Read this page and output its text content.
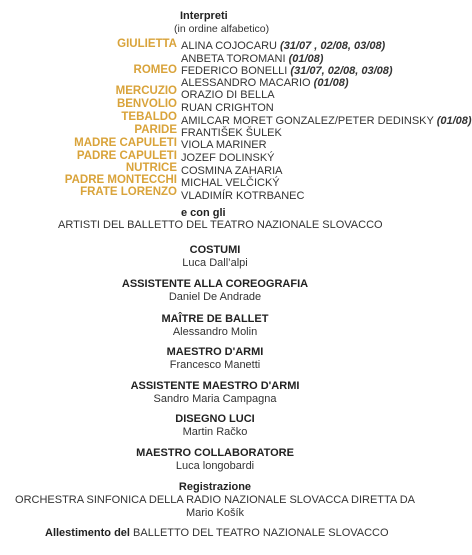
Interpreti
(in ordine alfabetico)
GIULIETTA
ROMEO
MERCUZIO
BENVOLIO
TEBALDO
PARIDE
MADRE CAPULETI
PADRE CAPULETI
NUTRICE
PADRE MONTECCHI
FRATE LORENZO
ALINA COJOCARU (31/07 , 02/08, 03/08)
ANBETA TOROMANI (01/08)
FEDERICO BONELLI (31/07, 02/08, 03/08)
ALESSANDRO MACARIO (01/08)
ORAZIO DI BELLA
RUAN CRIGHTON
AMILCAR MORET GONZALEZ/PETER DEDINSKY (01/08)
FRANTIŠEK ŠULEK
VIOLA MARINER
JOZEF DOLINSKÝ
COSMINA ZAHARIA
MICHAL VELČICKÝ
VLADIMÍR KOTRBANEC
e con gli
ARTISTI DEL BALLETTO DEL TEATRO NAZIONALE SLOVACCO
COSTUMI
Luca Dall’alpi
ASSISTENTE ALLA COREOGRAFIA
Daniel De Andrade
MAÎTRE DE BALLET
Alessandro Molin
MAESTRO D'ARMI
Francesco Manetti
ASSISTENTE MAESTRO D'ARMI
Sandro Maria Campagna
DISEGNO LUCI
Martin Račko
MAESTRO COLLABORATORE
Luca longobardi
Registrazione
ORCHESTRA SINFONICA DELLA RADIO NAZIONALE SLOVACCA DIRETTA DA
Mario Košík
Allestimento del BALLETTO DEL TEATRO NAZIONALE SLOVACCO
